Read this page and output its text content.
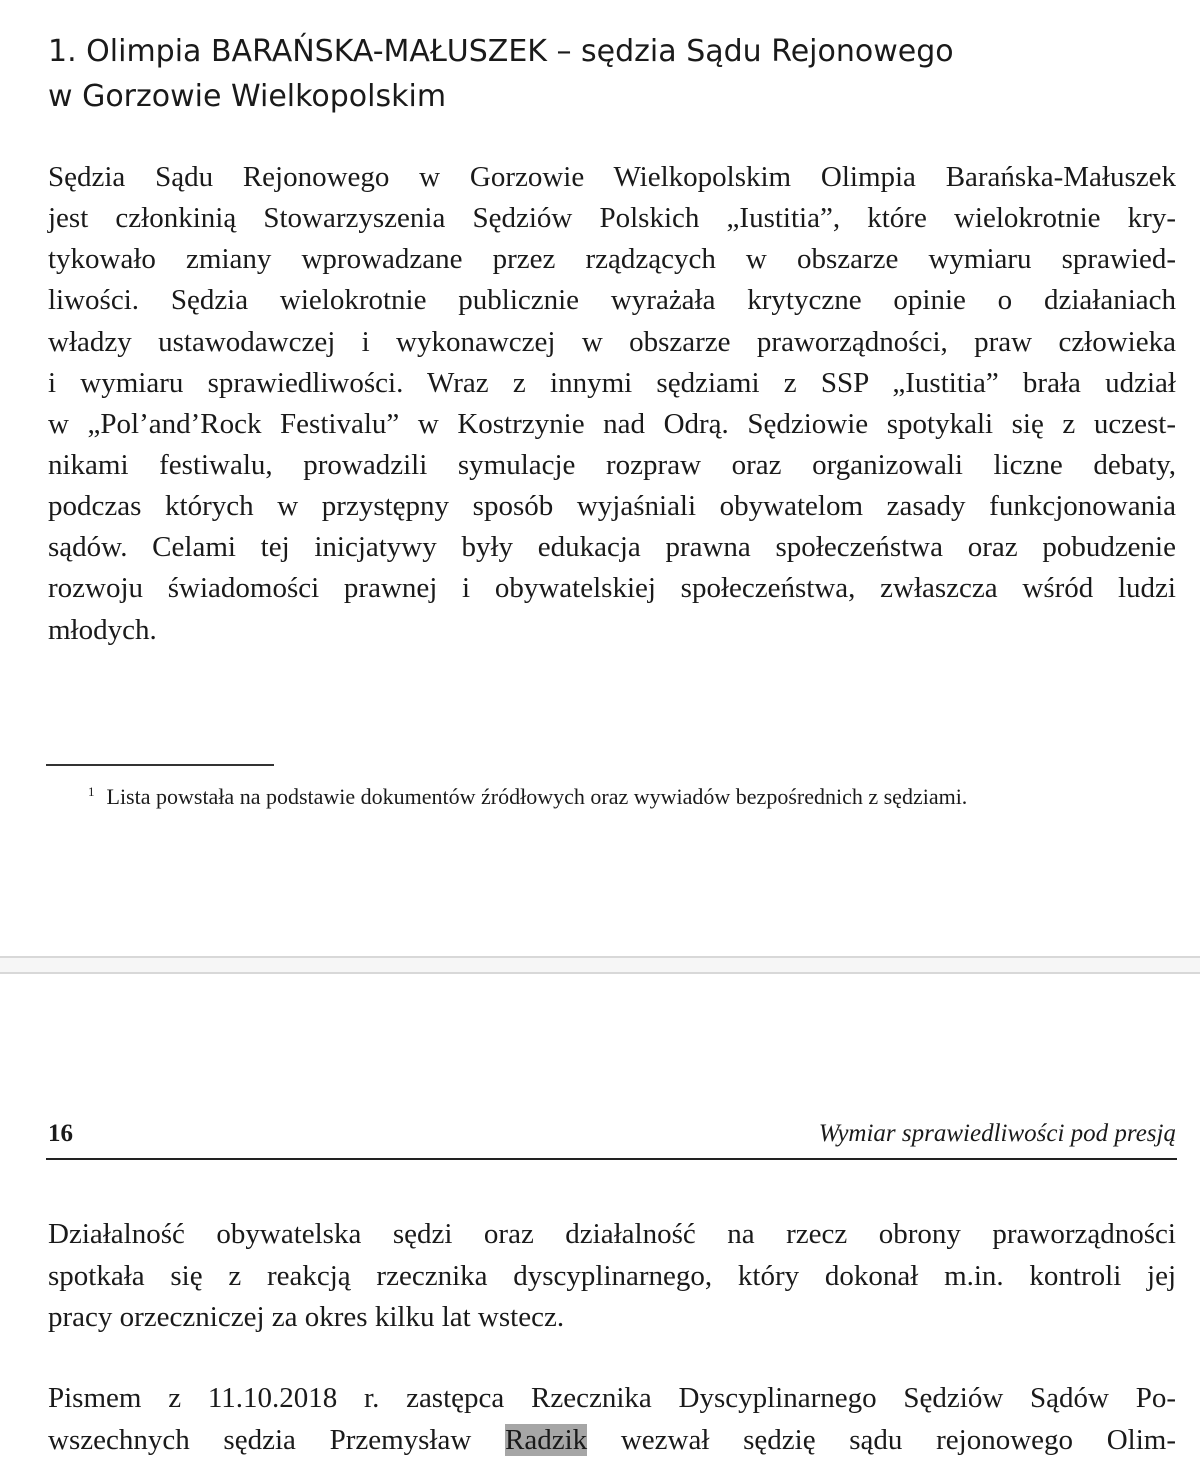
1. Olimpia BARAŃSKA-MAŁUSZEK – sędzia Sądu Rejonowego
w Gorzowie Wielkopolskim
Sędzia Sądu Rejonowego w Gorzowie Wielkopolskim Olimpia Barańska-Małuszek
jest członkinią Stowarzyszenia Sędziów Polskich „Iustitia”, które wielokrotnie kry-
tykowało zmiany wprowadzane przez rządzących w obszarze wymiaru sprawied-
liwości. Sędzia wielokrotnie publicznie wyrażała krytyczne opinie o działaniach
władzy ustawodawczej i wykonawczej w obszarze praworządności, praw człowieka
i wymiaru sprawiedliwości. Wraz z innymi sędziami z SSP „Iustitia” brała udział
w „Pol’and’Rock Festivalu” w Kostrzynie nad Odrą. Sędziowie spotykali się z uczest-
nikami festiwalu, prowadzili symulacje rozpraw oraz organizowali liczne debaty,
podczas których w przystępny sposób wyjaśniali obywatelom zasady funkcjonowania
sądów. Celami tej inicjatywy były edukacja prawna społeczeństwa oraz pobudzenie
rozwoju świadomości prawnej i obywatelskiej społeczeństwa, zwłaszcza wśród ludzi
młodych.
$^1$ Lista powstała na podstawie dokumentów źródłowych oraz wywiadów bezpośrednich z sędziami.
16	Wymiar sprawiedliwości pod presją
Działalność obywatelska sędzi oraz działalność na rzecz obrony praworządności
spotkała się z reakcją rzecznika dyscyplinarnego, który dokonał m.in. kontroli jej
pracy orzeczniczej za okres kilku lat wstecz.
Pismem z 11.10.2018 r. zastępca Rzecznika Dyscyplinarnego Sędziów Sądów Po-
wszechnych sędzia Przemysław Radzik wezwał sędzię sądu rejonowego Olim-
